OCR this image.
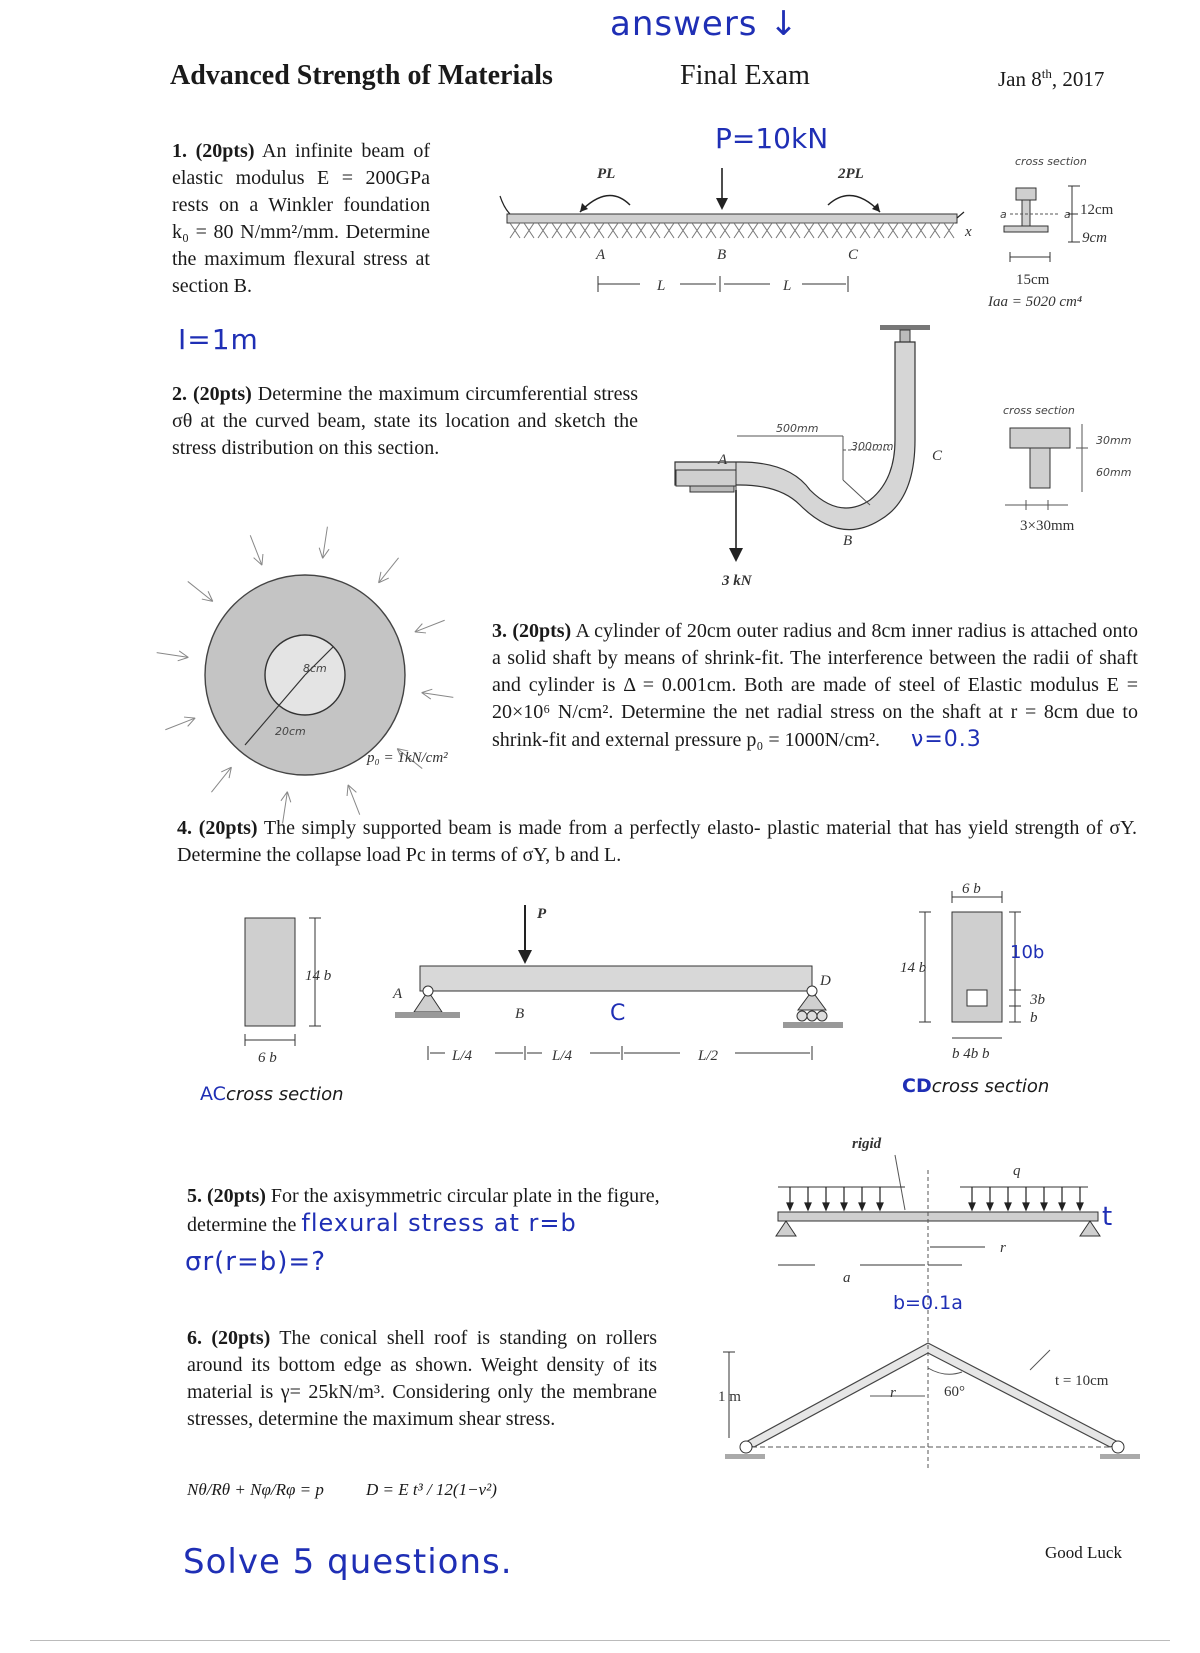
answers ↓
Advanced Strength of Materials	Final Exam	Jan 8th, 2017
1. (20pts) An infinite beam of elastic modulus E = 200GPa rests on a Winkler foundation k₀ = 80 N/mm²/mm. Determine the maximum flexural stress at section B.
I=1m
P=10kN
PL	2PL
x
A	B	C
L	L
cross section
a	a 12cm
9cm
15cm
Iaa = 5020 cm⁴
2. (20pts) Determine the maximum circumferential stress σθ at the curved beam, state its location and sketch the stress distribution on this section.
3 kN
500mm
300mm
A
B
C
cross section
30mm
60mm
3×30mm
8cm
20cm
p₀ = 1kN/cm²
3. (20pts) A cylinder of 20cm outer radius and 8cm inner radius is attached onto a solid shaft by means of shrink-fit. The interference between the radii of shaft and cylinder is Δ = 0.001cm. Both are made of steel of Elastic modulus E = 20×10⁶ N/cm². Determine the net radial stress on the shaft at r = 8cm due to shrink-fit and external pressure p₀ = 1000N/cm². ν=0.3
4. (20pts) The simply supported beam is made from a perfectly elasto- plastic material that has yield strength of σY. Determine the collapse load Pc in terms of σY, b and L.
14 b
6 b
P
A
B
D
C
L/4	L/4	L/2
6 b
14 b
10b
3b
b
b 4b b
ACcross section	CDcross section
5. (20pts) For the axisymmetric circular plate in the figure, determine the flexural stress at r=b
σr(r=b)=?
rigid
q
r
a
t
b=0.1a
6. (20pts) The conical shell roof is standing on rollers around its bottom edge as shown. Weight density of its material is γ= 25kN/m³. Considering only the membrane stresses, determine the maximum shear stress.
1 m	r	60°
t = 10cm
Nθ/Rθ + Nφ/Rφ = p D = E t³ / 12(1−ν²)
Solve 5 questions.	Good Luck
